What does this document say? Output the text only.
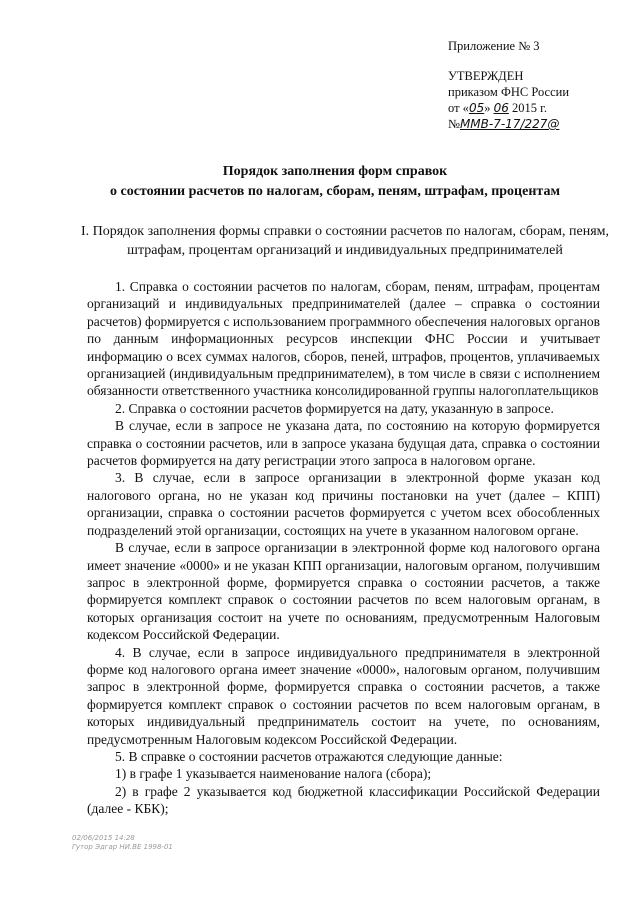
Приложение № 3
УТВЕРЖДЕН
приказом ФНС России
от «05» 06 2015 г.
№ММВ-7-17/227@
Порядок заполнения форм справок
о состоянии расчетов по налогам, сборам, пеням, штрафам, процентам
I. Порядок заполнения формы справки о состоянии расчетов по налогам, сборам, пеням, штрафам, процентам организаций и индивидуальных предпринимателей

1. Справка о состоянии расчетов по налогам, сборам, пеням, штрафам, процентам организаций и индивидуальных предпринимателей (далее – справка о состоянии расчетов) формируется с использованием программного обеспечения налоговых органов по данным информационных ресурсов инспекции ФНС России и учитывает информацию о всех суммах налогов, сборов, пеней, штрафов, процентов, уплачиваемых организацией (индивидуальным предпринимателем), в том числе в связи с исполнением обязанности ответственного участника консолидированной группы налогоплательщиков

2. Справка о состоянии расчетов формируется на дату, указанную в запросе.

В случае, если в запросе не указана дата, по состоянию на которую формируется справка о состоянии расчетов, или в запросе указана будущая дата, справка о состоянии расчетов формируется на дату регистрации этого запроса в налоговом органе.

3. В случае, если в запросе организации в электронной форме указан код налогового органа, но не указан код причины постановки на учет (далее – КПП) организации, справка о состоянии расчетов формируется с учетом всех обособленных подразделений этой организации, состоящих на учете в указанном налоговом органе.

В случае, если в запросе организации в электронной форме код налогового органа имеет значение «0000» и не указан КПП организации, налоговым органом, получившим запрос в электронной форме, формируется справка о состоянии расчетов, а также формируется комплект справок о состоянии расчетов по всем налоговым органам, в которых организация состоит на учете по основаниям, предусмотренным Налоговым кодексом Российской Федерации.

4. В случае, если в запросе индивидуального предпринимателя в электронной форме код налогового органа имеет значение «0000», налоговым органом, получившим запрос в электронной форме, формируется справка о состоянии расчетов, а также формируется комплект справок о состоянии расчетов по всем налоговым органам, в которых индивидуальный предприниматель состоит на учете, по основаниям, предусмотренным Налоговым кодексом Российской Федерации.

5. В справке о состоянии расчетов отражаются следующие данные:

1) в графе 1 указывается наименование налога (сбора);

2) в графе 2 указывается код бюджетной классификации Российской Федерации (далее - КБК);

02/06/2015 14:28
Гутор Эдгар НИ.ВЕ 1998-01
